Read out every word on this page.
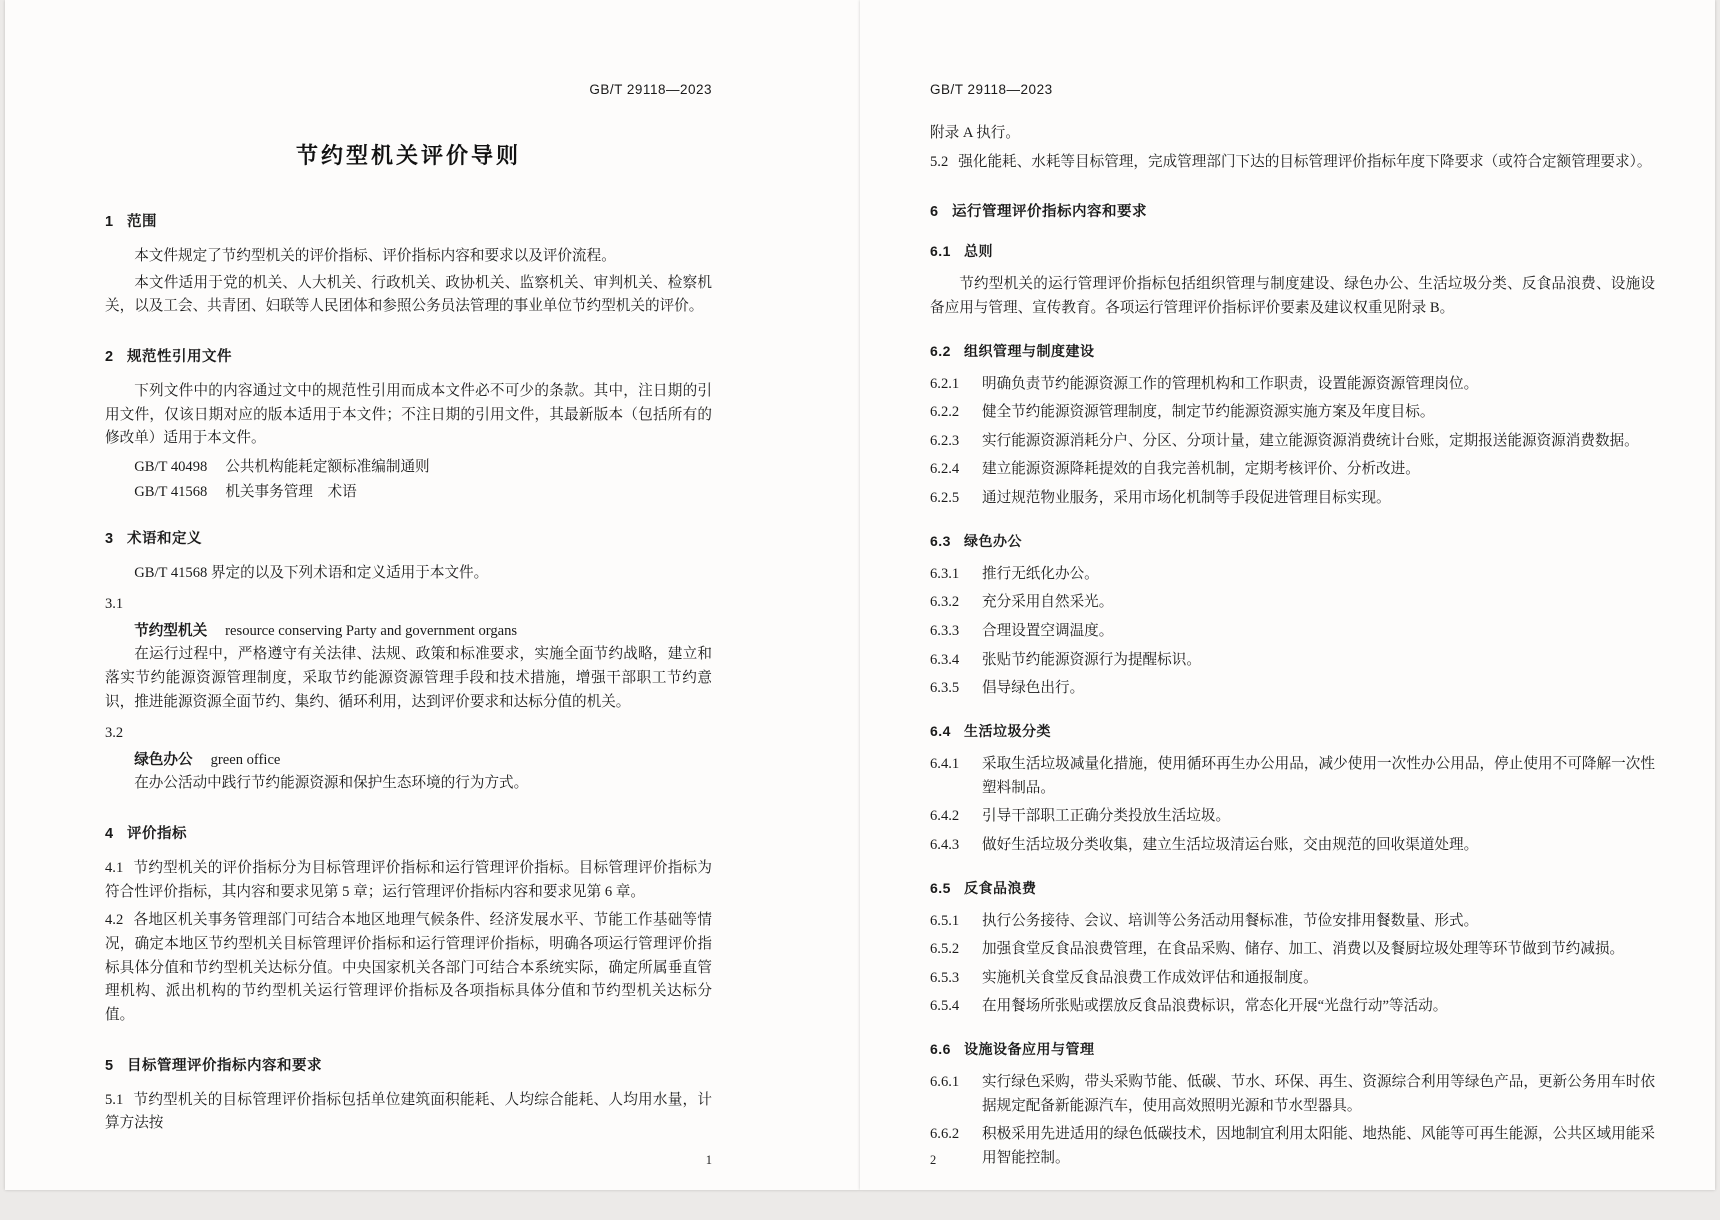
GB/T 29118—2023
节约型机关评价导则
1 范围

本文件规定了节约型机关的评价指标、评价指标内容和要求以及评价流程。

本文件适用于党的机关、人大机关、行政机关、政协机关、监察机关、审判机关、检察机关，以及工会、共青团、妇联等人民团体和参照公务员法管理的事业单位节约型机关的评价。

2 规范性引用文件

下列文件中的内容通过文中的规范性引用而成本文件必不可少的条款。其中，注日期的引用文件，仅该日期对应的版本适用于本文件；不注日期的引用文件，其最新版本（包括所有的修改单）适用于本文件。

GB/T 40498 公共机构能耗定额标准编制通则
GB/T 41568 机关事务管理　术语
3 术语和定义

GB/T 41568 界定的以及下列术语和定义适用于本文件。

3.1
节约型机关 resource conserving Party and government organs

在运行过程中，严格遵守有关法律、法规、政策和标准要求，实施全面节约战略，建立和落实节约能源资源管理制度，采取节约能源资源管理手段和技术措施，增强干部职工节约意识，推进能源资源全面节约、集约、循环利用，达到评价要求和达标分值的机关。

3.2
绿色办公 green office

在办公活动中践行节约能源资源和保护生态环境的行为方式。

4 评价指标
4.1 节约型机关的评价指标分为目标管理评价指标和运行管理评价指标。目标管理评价指标为符合性评价指标，其内容和要求见第 5 章；运行管理评价指标内容和要求见第 6 章。
4.2 各地区机关事务管理部门可结合本地区地理气候条件、经济发展水平、节能工作基础等情况，确定本地区节约型机关目标管理评价指标和运行管理评价指标，明确各项运行管理评价指标具体分值和节约型机关达标分值。中央国家机关各部门可结合本系统实际，确定所属垂直管理机构、派出机构的节约型机关运行管理评价指标及各项指标具体分值和节约型机关达标分值。
5 目标管理评价指标内容和要求
5.1 节约型机关的目标管理评价指标包括单位建筑面积能耗、人均综合能耗、人均用水量，计算方法按
1
GB/T 29118—2023

附录 A 执行。

5.2 强化能耗、水耗等目标管理，完成管理部门下达的目标管理评价指标年度下降要求（或符合定额管理要求）。
6 运行管理评价指标内容和要求
6.1 总则

节约型机关的运行管理评价指标包括组织管理与制度建设、绿色办公、生活垃圾分类、反食品浪费、设施设备应用与管理、宣传教育。各项运行管理评价指标评价要素及建议权重见附录 B。

6.2 组织管理与制度建设
6.2.1 明确负责节约能源资源工作的管理机构和工作职责，设置能源资源管理岗位。
6.2.2 健全节约能源资源管理制度，制定节约能源资源实施方案及年度目标。
6.2.3 实行能源资源消耗分户、分区、分项计量，建立能源资源消费统计台账，定期报送能源资源消费数据。
6.2.4 建立能源资源降耗提效的自我完善机制，定期考核评价、分析改进。
6.2.5 通过规范物业服务，采用市场化机制等手段促进管理目标实现。
6.3 绿色办公
6.3.1 推行无纸化办公。
6.3.2 充分采用自然采光。
6.3.3 合理设置空调温度。
6.3.4 张贴节约能源资源行为提醒标识。
6.3.5 倡导绿色出行。
6.4 生活垃圾分类
6.4.1 采取生活垃圾减量化措施，使用循环再生办公用品，减少使用一次性办公用品，停止使用不可降解一次性塑料制品。
6.4.2 引导干部职工正确分类投放生活垃圾。
6.4.3 做好生活垃圾分类收集，建立生活垃圾清运台账，交由规范的回收渠道处理。
6.5 反食品浪费
6.5.1 执行公务接待、会议、培训等公务活动用餐标准，节俭安排用餐数量、形式。
6.5.2 加强食堂反食品浪费管理，在食品采购、储存、加工、消费以及餐厨垃圾处理等环节做到节约减损。
6.5.3 实施机关食堂反食品浪费工作成效评估和通报制度。
6.5.4 在用餐场所张贴或摆放反食品浪费标识，常态化开展“光盘行动”等活动。
6.6 设施设备应用与管理
6.6.1 实行绿色采购，带头采购节能、低碳、节水、环保、再生、资源综合利用等绿色产品，更新公务用车时依据规定配备新能源汽车，使用高效照明光源和节水型器具。
6.6.2 积极采用先进适用的绿色低碳技术，因地制宜利用太阳能、地热能、风能等可再生能源，公共区域用能采用智能控制。
2
